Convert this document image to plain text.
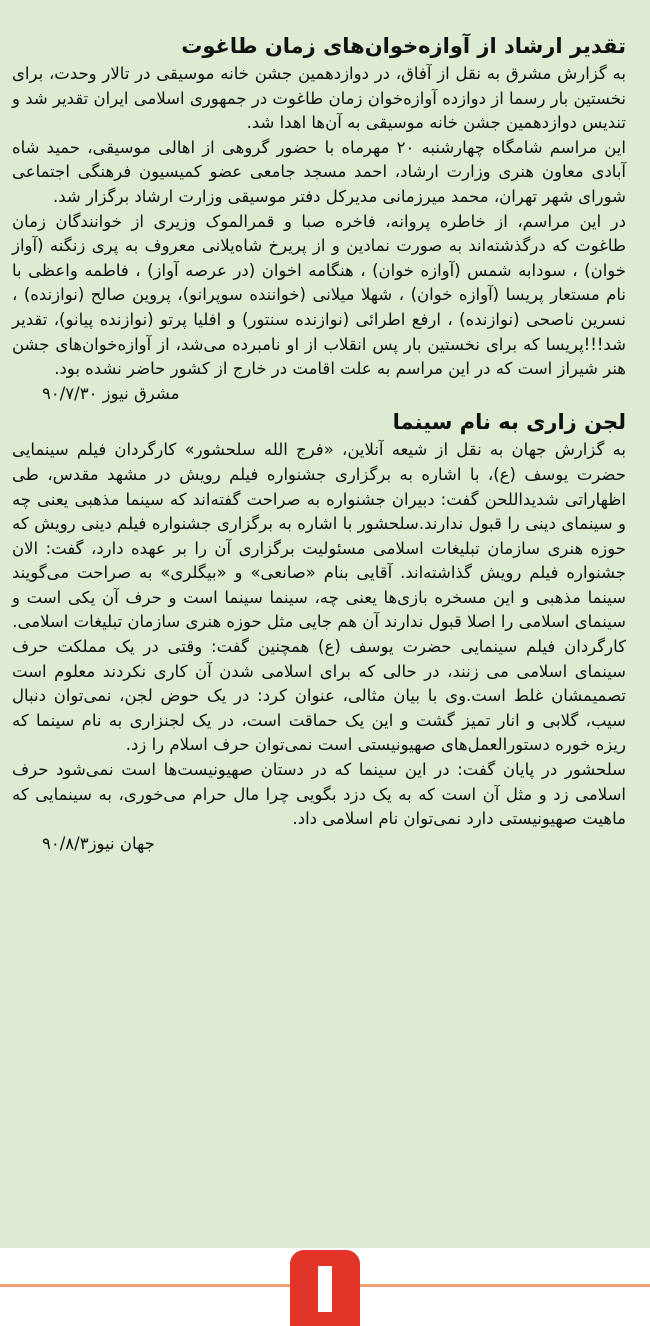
تقدیر ارشاد از آوازه‌خوان‌های زمان طاغوت

به گزارش مشرق به نقل از آفاق، در دوازدهمین جشن خانه موسیقی در تالار وحدت، برای نخستین بار رسما از دوازده آوازه‌خوان زمان طاغوت در جمهوری اسلامی ایران تقدیر شد و تندیس دوازدهمین جشن خانه موسیقی به آن‌ها اهدا شد.

این مراسم شامگاه چهارشنبه ۲۰ مهرماه با حضور گروهی از اهالی موسیقی، حمید شاه آبادی معاون هنری وزارت ارشاد، احمد مسجد جامعی عضو کمیسیون فرهنگی اجتماعی شورای شهر تهران، محمد میرزمانی مدیرکل دفتر موسیقی وزارت ارشاد برگزار شد.

در این مراسم، از خاطره پروانه، فاخره صبا و قمرالموک وزیری از خوانندگان زمان طاغوت که درگذشته‌اند به صورت نمادین و از پریرخ شاه‌یلانی معروف به پری زنگنه (آواز خوان) ، سودابه شمس (آوازه خوان) ، هنگامه اخوان (در عرصه آواز) ، فاطمه واعظی با نام مستعار پریسا (آوازه خوان) ، شهلا میلانی (خواننده سوپرانو)، پروین صالح (نوازنده) ، نسرین ناصحی (نوازنده) ، ارفع اطرائی (نوازنده سنتور) و افلیا پرتو (نوازنده پیانو)، تقدیر شد!!!پریسا که برای نخستین بار پس انقلاب از او نامبرده می‌شد، از آوازه‌خوان‌های جشن هنر شیراز است که در این مراسم به علت اقامت در خارج از کشور حاضر نشده بود.

مشرق نیوز ۹۰/۷/۳۰

لجن زاری به نام سینما

به گزارش جهان به نقل از شیعه آنلاین، «فرج الله سلحشور» کارگردان فیلم سینمایی حضرت یوسف (ع)، با اشاره به برگزاری جشنواره فیلم رویش در مشهد مقدس، طی اظهاراتی شدیداللحن گفت: دبیران جشنواره به صراحت گفته‌اند که سینما مذهبی یعنی چه و سینمای دینی را قبول ندارند.سلحشور با اشاره به برگزاری جشنواره فیلم دینی رویش که حوزه هنری سازمان تبلیغات اسلامی مسئولیت برگزاری آن را بر عهده دارد، گفت: الان جشنواره فیلم رویش گذاشته‌اند. آقایی بنام «صانعی» و «بیگلری» به صراحت می‌گویند سینما مذهبی و این مسخره بازی‌ها یعنی چه، سینما سینما است و حرف آن یکی است و سینمای اسلامی را اصلا قبول ندارند آن هم جایی مثل حوزه هنری سازمان تبلیغات اسلامی.

کارگردان فیلم سینمایی حضرت یوسف (ع) همچنین گفت: وقتی در یک مملکت حرف سینمای اسلامی می زنند، در حالی که برای اسلامی شدن آن کاری نکردند معلوم است تصمیمشان غلط است.وی با بیان مثالی، عنوان کرد: در یک حوض لجن، نمی‌توان دنبال سیب، گلابی و انار تمیز گشت و این یک حماقت است، در یک لجنزاری به نام سینما که ریزه خوره دستورالعمل‌های صهیونیستی است نمی‌توان حرف اسلام را زد.

سلحشور در پایان گفت: در این سینما که در دستان صهیونیست‌ها است نمی‌شود حرف اسلامی زد و مثل آن است که به یک دزد بگویی چرا مال حرام می‌خوری، به سینمایی که ماهیت صهیونیستی دارد نمی‌توان نام اسلامی داد.

جهان نیوز۹۰/۸/۳
